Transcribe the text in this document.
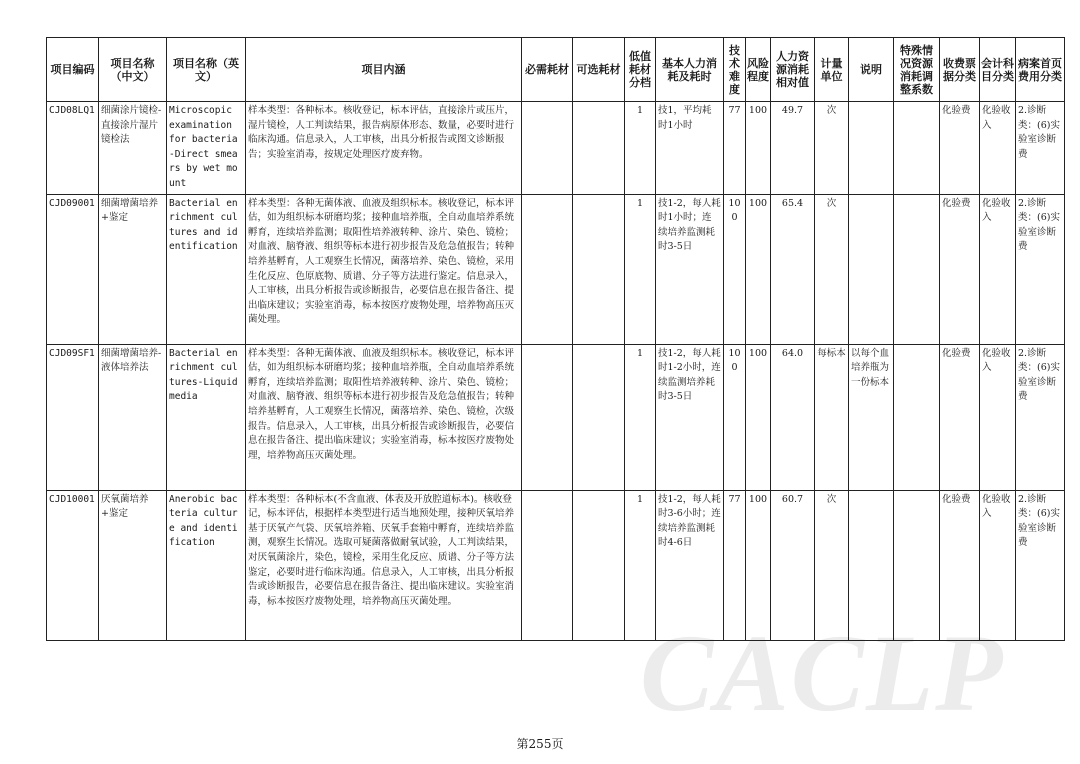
CACLP
项目编码	项目名称（中文）	项目名称（英文）	项目内涵	必需耗材	可选耗材	低值耗材分档	基本人力消耗及耗时	技术难度	风险程度	人力资源消耗相对值	计量单位	说明	特殊情况资源消耗调整系数	收费票据分类	会计科目分类	病案首页费用分类
CJD08LQ1	细菌涂片镜检-直接涂片湿片镜检法	Microscopic examination for bacteria-Direct smears by wet mount	样本类型：各种标本。核收登记，标本评估，直接涂片或压片，湿片镜检，人工判读结果，报告病原体形态、数量，必要时进行临床沟通。信息录入，人工审核，出具分析报告或图文诊断报告；实验室消毒，按规定处理医疗废弃物。			1	技1，平均耗时1小时	77	100	49.7	次			化验费	化验收入	2.诊断类：(6)实验室诊断费
CJD09001	细菌增菌培养+鉴定	Bacterial enrichment cultures and identification	样本类型：各种无菌体液、血液及组织标本。核收登记，标本评估，如为组织标本研磨均浆；接种血培养瓶，全自动血培养系统孵育，连续培养监测；取阳性培养液转种、涂片、染色、镜检；对血液、脑脊液、组织等标本进行初步报告及危急值报告；转种培养基孵育，人工观察生长情况，菌落培养、染色、镜检，采用生化反应、色原底物、质谱、分子等方法进行鉴定。信息录入，人工审核，出具分析报告或诊断报告，必要信息在报告备注、提出临床建议；实验室消毒，标本按医疗废物处理，培养物高压灭菌处理。			1	技1-2，每人耗时1小时；连续培养监测耗时3-5日	100	100	65.4	次			化验费	化验收入	2.诊断类：(6)实验室诊断费
CJD09SF1	细菌增菌培养-液体培养法	Bacterial enrichment cultures-Liquid media	样本类型：各种无菌体液、血液及组织标本。核收登记，标本评估，如为组织标本研磨均浆；接种血培养瓶，全自动血培养系统孵育，连续培养监测；取阳性培养液转种、涂片、染色、镜检；对血液、脑脊液、组织等标本进行初步报告及危急值报告；转种培养基孵育，人工观察生长情况，菌落培养、染色、镜检，次级报告。信息录入，人工审核，出具分析报告或诊断报告，必要信息在报告备注、提出临床建议；实验室消毒，标本按医疗废物处理，培养物高压灭菌处理。			1	技1-2，每人耗时1-2小时，连续监测培养耗时3-5日	100	100	64.0	每标本	以每个血培养瓶为一份标本		化验费	化验收入	2.诊断类：(6)实验室诊断费
CJD10001	厌氧菌培养+鉴定	Anerobic bacteria culture and identification	样本类型：各种标本(不含血液、体表及开放腔道标本)。核收登记，标本评估，根据样本类型进行适当地预处理，接种厌氧培养基于厌氧产气袋、厌氧培养箱、厌氧手套箱中孵育，连续培养监测，观察生长情况。选取可疑菌落做耐氧试验，人工判读结果，对厌氧菌涂片，染色，镜检，采用生化反应、质谱、分子等方法鉴定，必要时进行临床沟通。信息录入，人工审核，出具分析报告或诊断报告，必要信息在报告备注、提出临床建议。实验室消毒，标本按医疗废物处理，培养物高压灭菌处理。			1	技1-2，每人耗时3-6小时；连续培养监测耗时4-6日	77	100	60.7	次			化验费	化验收入	2.诊断类：(6)实验室诊断费
第255页
